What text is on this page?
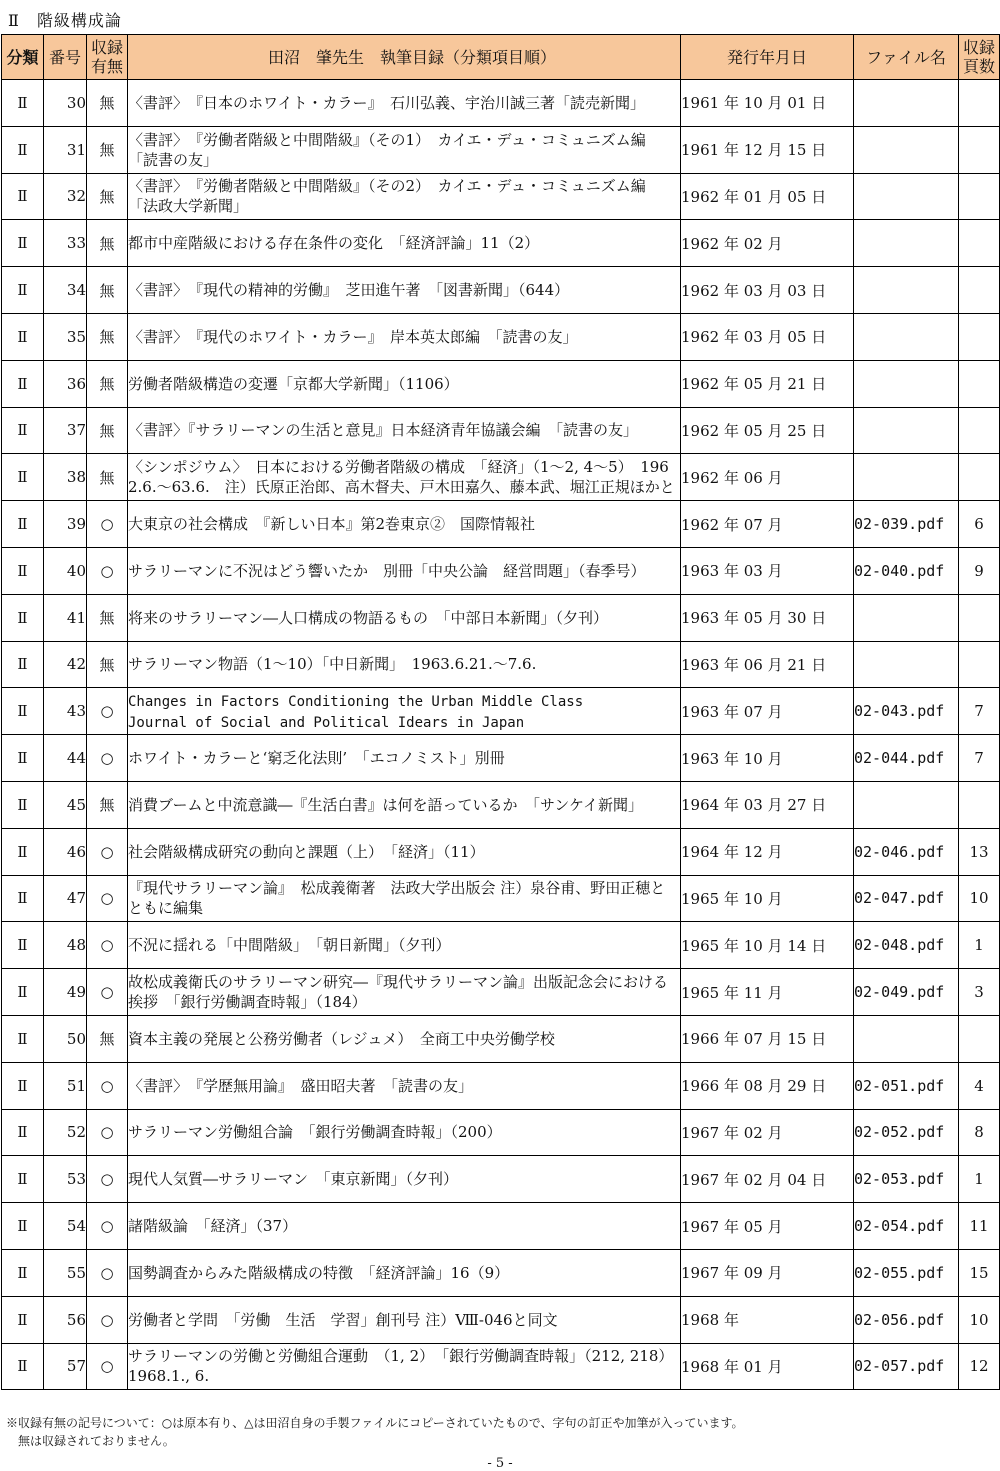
Ⅱ　階級構成論
分類	番号	収録有無	田沼　肇先生　執筆目録（分類項目順）	発行年月日	ファイル名	収録頁数
Ⅱ	30	無	〈書評〉　『日本のホワイト・カラー』　石川弘義、宇治川誠三著「読売新聞」	1961 年 10 月 01 日		
Ⅱ	31	無	〈書評〉　『労働者階級と中間階級』（その1）　カイエ・デュ・コミュニズム編　「読書の友」	1961 年 12 月 15 日		
Ⅱ	32	無	〈書評〉　『労働者階級と中間階級』（その2）　カイエ・デュ・コミュニズム編　「法政大学新聞」	1962 年 01 月 05 日		
Ⅱ	33	無	都市中産階級における存在条件の変化　「経済評論」11（2）	1962 年 02 月		
Ⅱ	34	無	〈書評〉　『現代の精神的労働』　芝田進午著　「図書新聞」（644）	1962 年 03 月 03 日		
Ⅱ	35	無	〈書評〉　『現代のホワイト・カラー』　岸本英太郎編　「読書の友」	1962 年 03 月 05 日		
Ⅱ	36	無	労働者階級構造の変遷「京都大学新聞」（1106）	1962 年 05 月 21 日		
Ⅱ	37	無	〈書評〉『サラリーマンの生活と意見』日本経済青年協議会編　「読書の友」	1962 年 05 月 25 日		
Ⅱ	38	無	〈シンポジウム〉　日本における労働者階級の構成　「経済」（1〜2, 4〜5）　1962.6.〜63.6.　注）氏原正治郎、高木督夫、戸木田嘉久、藤本武、堀江正規ほかと	1962 年 06 月		
Ⅱ	39	○	大東京の社会構成　『新しい日本』第2巻東京②　国際情報社	1962 年 07 月	02-039.pdf	6
Ⅱ	40	○	サラリーマンに不況はどう響いたか　別冊「中央公論　経営問題」（春季号）	1963 年 03 月	02-040.pdf	9
Ⅱ	41	無	将来のサラリーマン―人口構成の物語るもの　「中部日本新聞」（夕刊）	1963 年 05 月 30 日		
Ⅱ	42	無	サラリーマン物語（1〜10）「中日新聞」　1963.6.21.〜7.6.	1963 年 06 月 21 日		
Ⅱ	43	○	Changes in Factors Conditioning the Urban Middle Class
Journal of Social and Political Idears in Japan	1963 年 07 月	02-043.pdf	7
Ⅱ	44	○	ホワイト・カラーと‘窮乏化法則’　「エコノミスト」別冊	1963 年 10 月	02-044.pdf	7
Ⅱ	45	無	消費ブームと中流意識―『生活白書』は何を語っているか　「サンケイ新聞」	1964 年 03 月 27 日		
Ⅱ	46	○	社会階級構成研究の動向と課題（上）　「経済」（11）	1964 年 12 月	02-046.pdf	13
Ⅱ	47	○	『現代サラリーマン論』　松成義衛著　法政大学出版会 注）泉谷甫、野田正穂とともに編集	1965 年 10 月	02-047.pdf	10
Ⅱ	48	○	不況に揺れる「中間階級」　「朝日新聞」（夕刊）	1965 年 10 月 14 日	02-048.pdf	1
Ⅱ	49	○	故松成義衛氏のサラリーマン研究―『現代サラリーマン論』出版記念会における挨拶　「銀行労働調査時報」（184）	1965 年 11 月	02-049.pdf	3
Ⅱ	50	無	資本主義の発展と公務労働者（レジュメ）　全商工中央労働学校	1966 年 07 月 15 日		
Ⅱ	51	○	〈書評〉　『学歴無用論』　盛田昭夫著　「読書の友」	1966 年 08 月 29 日	02-051.pdf	4
Ⅱ	52	○	サラリーマン労働組合論　「銀行労働調査時報」（200）	1967 年 02 月	02-052.pdf	8
Ⅱ	53	○	現代人気質―サラリーマン　「東京新聞」（夕刊）	1967 年 02 月 04 日	02-053.pdf	1
Ⅱ	54	○	諸階級論　「経済」（37）	1967 年 05 月	02-054.pdf	11
Ⅱ	55	○	国勢調査からみた階級構成の特徴　「経済評論」16（9）	1967 年 09 月	02-055.pdf	15
Ⅱ	56	○	労働者と学問　「労働　生活　学習」創刊号 注）Ⅷ-046と同文	1968 年	02-056.pdf	10
Ⅱ	57	○	サラリーマンの労働と労働組合運動　（1, 2）　「銀行労働調査時報」（212, 218）1968.1., 6.	1968 年 01 月	02-057.pdf	12
※収録有無の記号について：○は原本有り、△は田沼自身の手製ファイルにコピーされていたもので、字句の訂正や加筆が入っています。
無は収録されておりません。
- 5 -
